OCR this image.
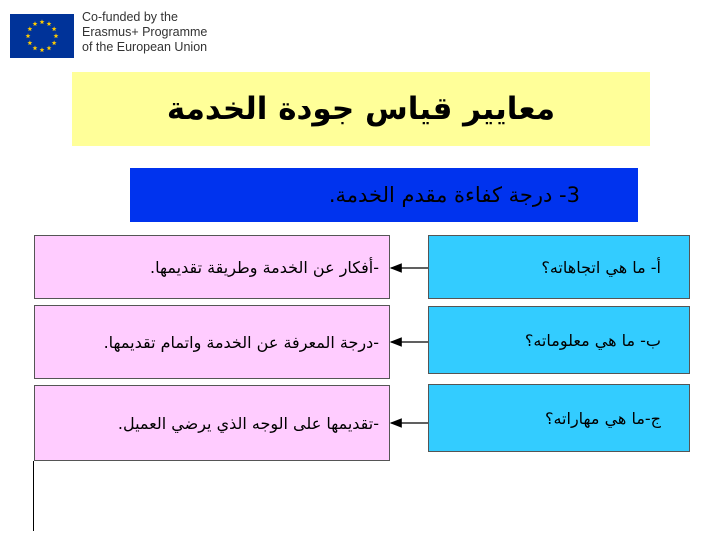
Co-funded by the
Erasmus+ Programme
of the European Union
معايير قياس جودة الخدمة
3- درجة كفاءة مقدم الخدمة.
أ- ما هي اتجاهاته؟
ب- ما هي معلوماته؟
ج-ما هي مهاراته؟
-أفكار عن الخدمة وطريقة تقديمها.
-درجة المعرفة عن الخدمة واتمام تقديمها.
-تقديمها على الوجه الذي يرضي العميل.
